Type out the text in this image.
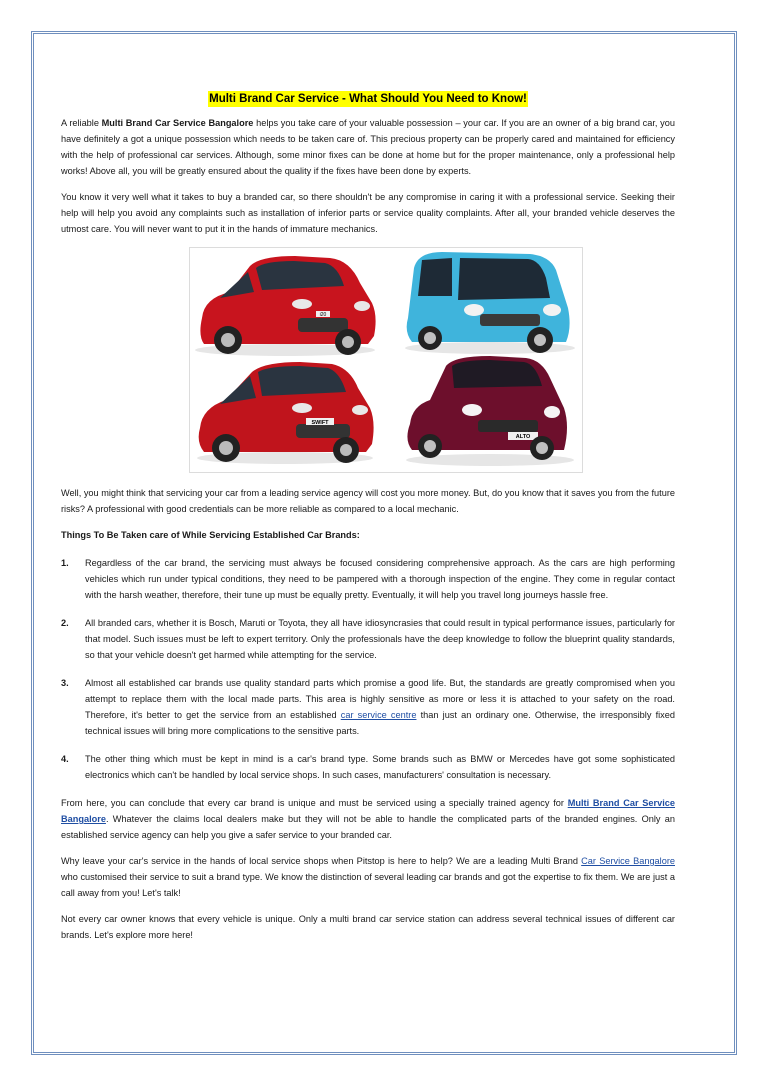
Multi Brand Car Service - What Should You Need to Know!

A reliable Multi Brand Car Service Bangalore helps you take care of your valuable possession – your car. If you are an owner of a big brand car, you have definitely a got a unique possession which needs to be taken care of. This precious property can be properly cared and maintained for efficiency with the help of professional car services. Although, some minor fixes can be done at home but for the proper maintenance, only a professional help works! Above all, you will be greatly ensured about the quality if the fixes have been done by experts.

You know it very well what it takes to buy a branded car, so there shouldn't be any compromise in caring it with a professional service. Seeking their help will help you avoid any complaints such as installation of inferior parts or service quality complaints. After all, your branded vehicle deserves the utmost care. You will never want to put it in the hands of immature mechanics.

i20
SWIFT
ALTO

Well, you might think that servicing your car from a leading service agency will cost you more money. But, do you know that it saves you from the future risks? A professional with good credentials can be more reliable as compared to a local mechanic.

Things To Be Taken care of While Servicing Established Car Brands:
1. Regardless of the car brand, the servicing must always be focused considering comprehensive approach. As the cars are high performing vehicles which run under typical conditions, they need to be pampered with a thorough inspection of the engine. They come in regular contact with the harsh weather, therefore, their tune up must be equally pretty. Eventually, it will help you travel long journeys hassle free.
2. All branded cars, whether it is Bosch, Maruti or Toyota, they all have idiosyncrasies that could result in typical performance issues, particularly for that model. Such issues must be left to expert territory. Only the professionals have the deep knowledge to follow the blueprint quality standards, so that your vehicle doesn't get harmed while attempting for the service.
3. Almost all established car brands use quality standard parts which promise a good life. But, the standards are greatly compromised when you attempt to replace them with the local made parts. This area is highly sensitive as more or less it is attached to your safety on the road. Therefore, it's better to get the service from an established car service centre than just an ordinary one. Otherwise, the irresponsibly fixed technical issues will bring more complications to the sensitive parts.
4. The other thing which must be kept in mind is a car's brand type. Some brands such as BMW or Mercedes have got some sophisticated electronics which can't be handled by local service shops. In such cases, manufacturers' consultation is necessary.

From here, you can conclude that every car brand is unique and must be serviced using a specially trained agency for Multi Brand Car Service Bangalore. Whatever the claims local dealers make but they will not be able to handle the complicated parts of the branded engines. Only an established service agency can help you give a safer service to your branded car.

Why leave your car's service in the hands of local service shops when Pitstop is here to help? We are a leading Multi Brand Car Service Bangalore who customised their service to suit a brand type. We know the distinction of several leading car brands and got the expertise to fix them. We are just a call away from you! Let's talk!

Not every car owner knows that every vehicle is unique. Only a multi brand car service station can address several technical issues of different car brands. Let's explore more here!
